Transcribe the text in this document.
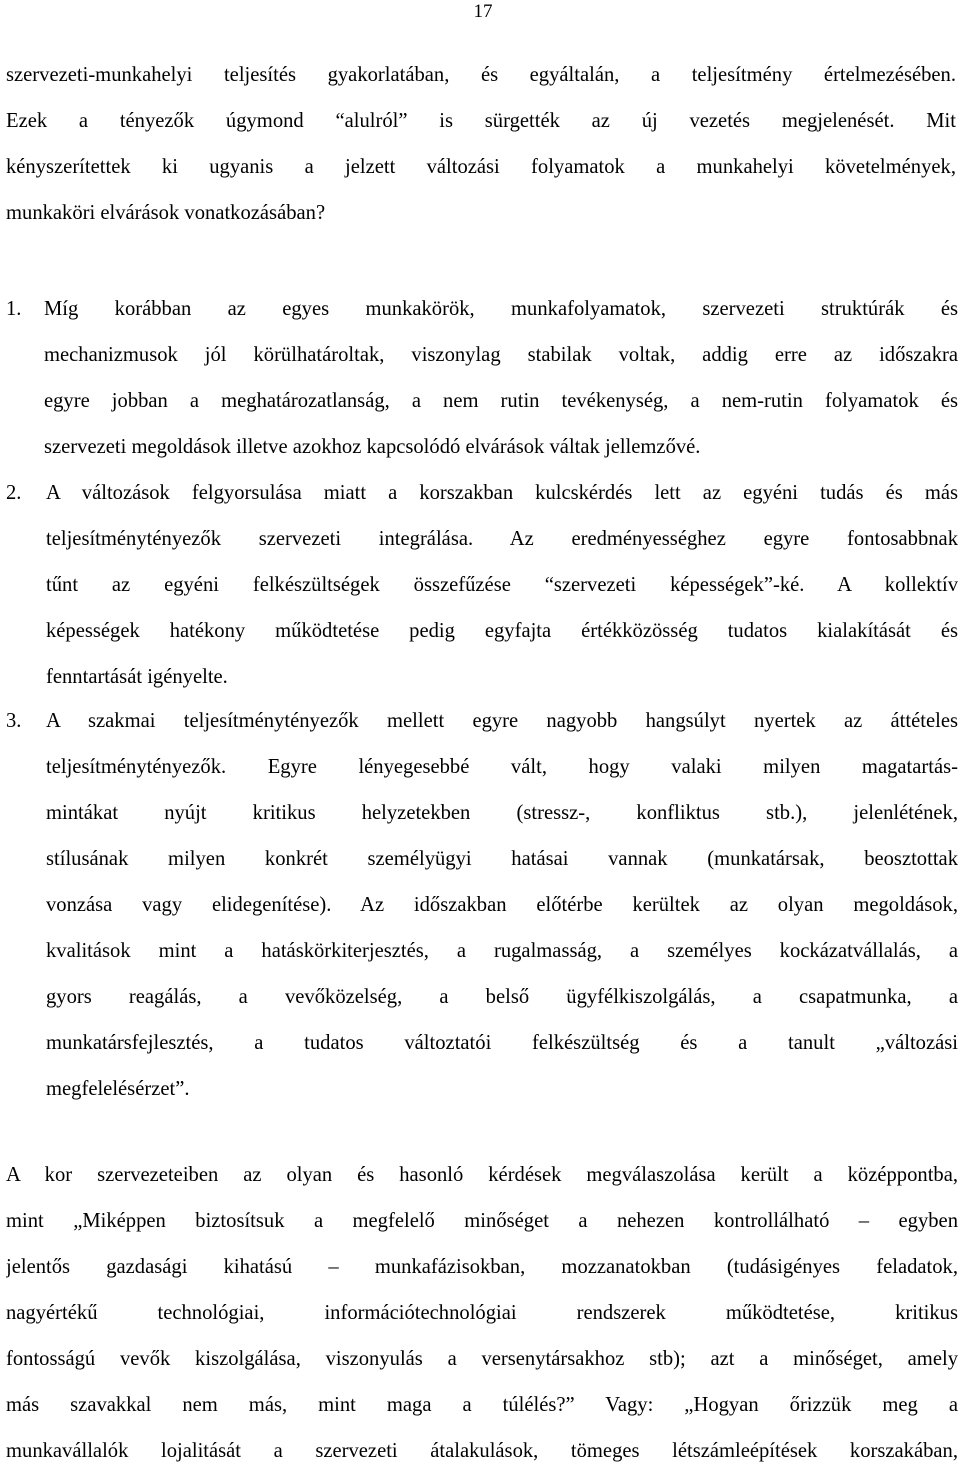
17
szervezeti-munkahelyi teljesítés gyakorlatában, és egyáltalán, a teljesítmény értelmezésében.
Ezek a tényezők úgymond “alulról” is sürgették az új vezetés megjelenését. Mit
kényszerítettek ki ugyanis a jelzett változási folyamatok a munkahelyi követelmények,
munkaköri elvárások vonatkozásában?
1.	Míg korábban az egyes munkakörök, munkafolyamatok, szervezeti struktúrák és
mechanizmusok jól körülhatároltak, viszonylag stabilak voltak, addig erre az időszakra
egyre jobban a meghatározatlanság, a nem rutin tevékenység, a nem-rutin folyamatok és
szervezeti megoldások illetve azokhoz kapcsolódó elvárások váltak jellemzővé.
2.	A változások felgyorsulása miatt a korszakban kulcskérdés lett az egyéni tudás és más
teljesítménytényezők szervezeti integrálása. Az eredményességhez egyre fontosabbnak
tűnt az egyéni felkészültségek összefűzése “szervezeti képességek”-ké. A kollektív
képességek hatékony működtetése pedig egyfajta értékközösség tudatos kialakítását és
fenntartását igényelte.
3.	A szakmai teljesítménytényezők mellett egyre nagyobb hangsúlyt nyertek az áttételes
teljesítménytényezők. Egyre lényegesebbé vált, hogy valaki milyen magatartás-
mintákat nyújt kritikus helyzetekben (stressz-, konfliktus stb.), jelenlétének,
stílusának milyen konkrét személyügyi hatásai vannak (munkatársak, beosztottak
vonzása vagy elidegenítése). Az időszakban előtérbe kerültek az olyan megoldások,
kvalitások mint a hatáskörkiterjesztés, a rugalmasság, a személyes kockázatvállalás, a
gyors reagálás, a vevőközelség, a belső ügyfélkiszolgálás, a csapatmunka, a
munkatársfejlesztés, a tudatos változtatói felkészültség és a tanult „változási
megfelelésérzet”.
A kor szervezeteiben az olyan és hasonló kérdések megválaszolása került a középpontba,
mint „Miképpen biztosítsuk a megfelelő minőséget a nehezen kontrollálható – egyben
jelentős gazdasági kihatású – munkafázisokban, mozzanatokban (tudásigényes feladatok,
nagyértékű technológiai, információtechnológiai rendszerek működtetése, kritikus
fontosságú vevők kiszolgálása, viszonyulás a versenytársakhoz stb); azt a minőséget, amely
más szavakkal nem más, mint maga a túlélés?” Vagy: „Hogyan őrizzük meg a
munkavállalók lojalitását a szervezeti átalakulások, tömeges létszámleépítések korszakában,
